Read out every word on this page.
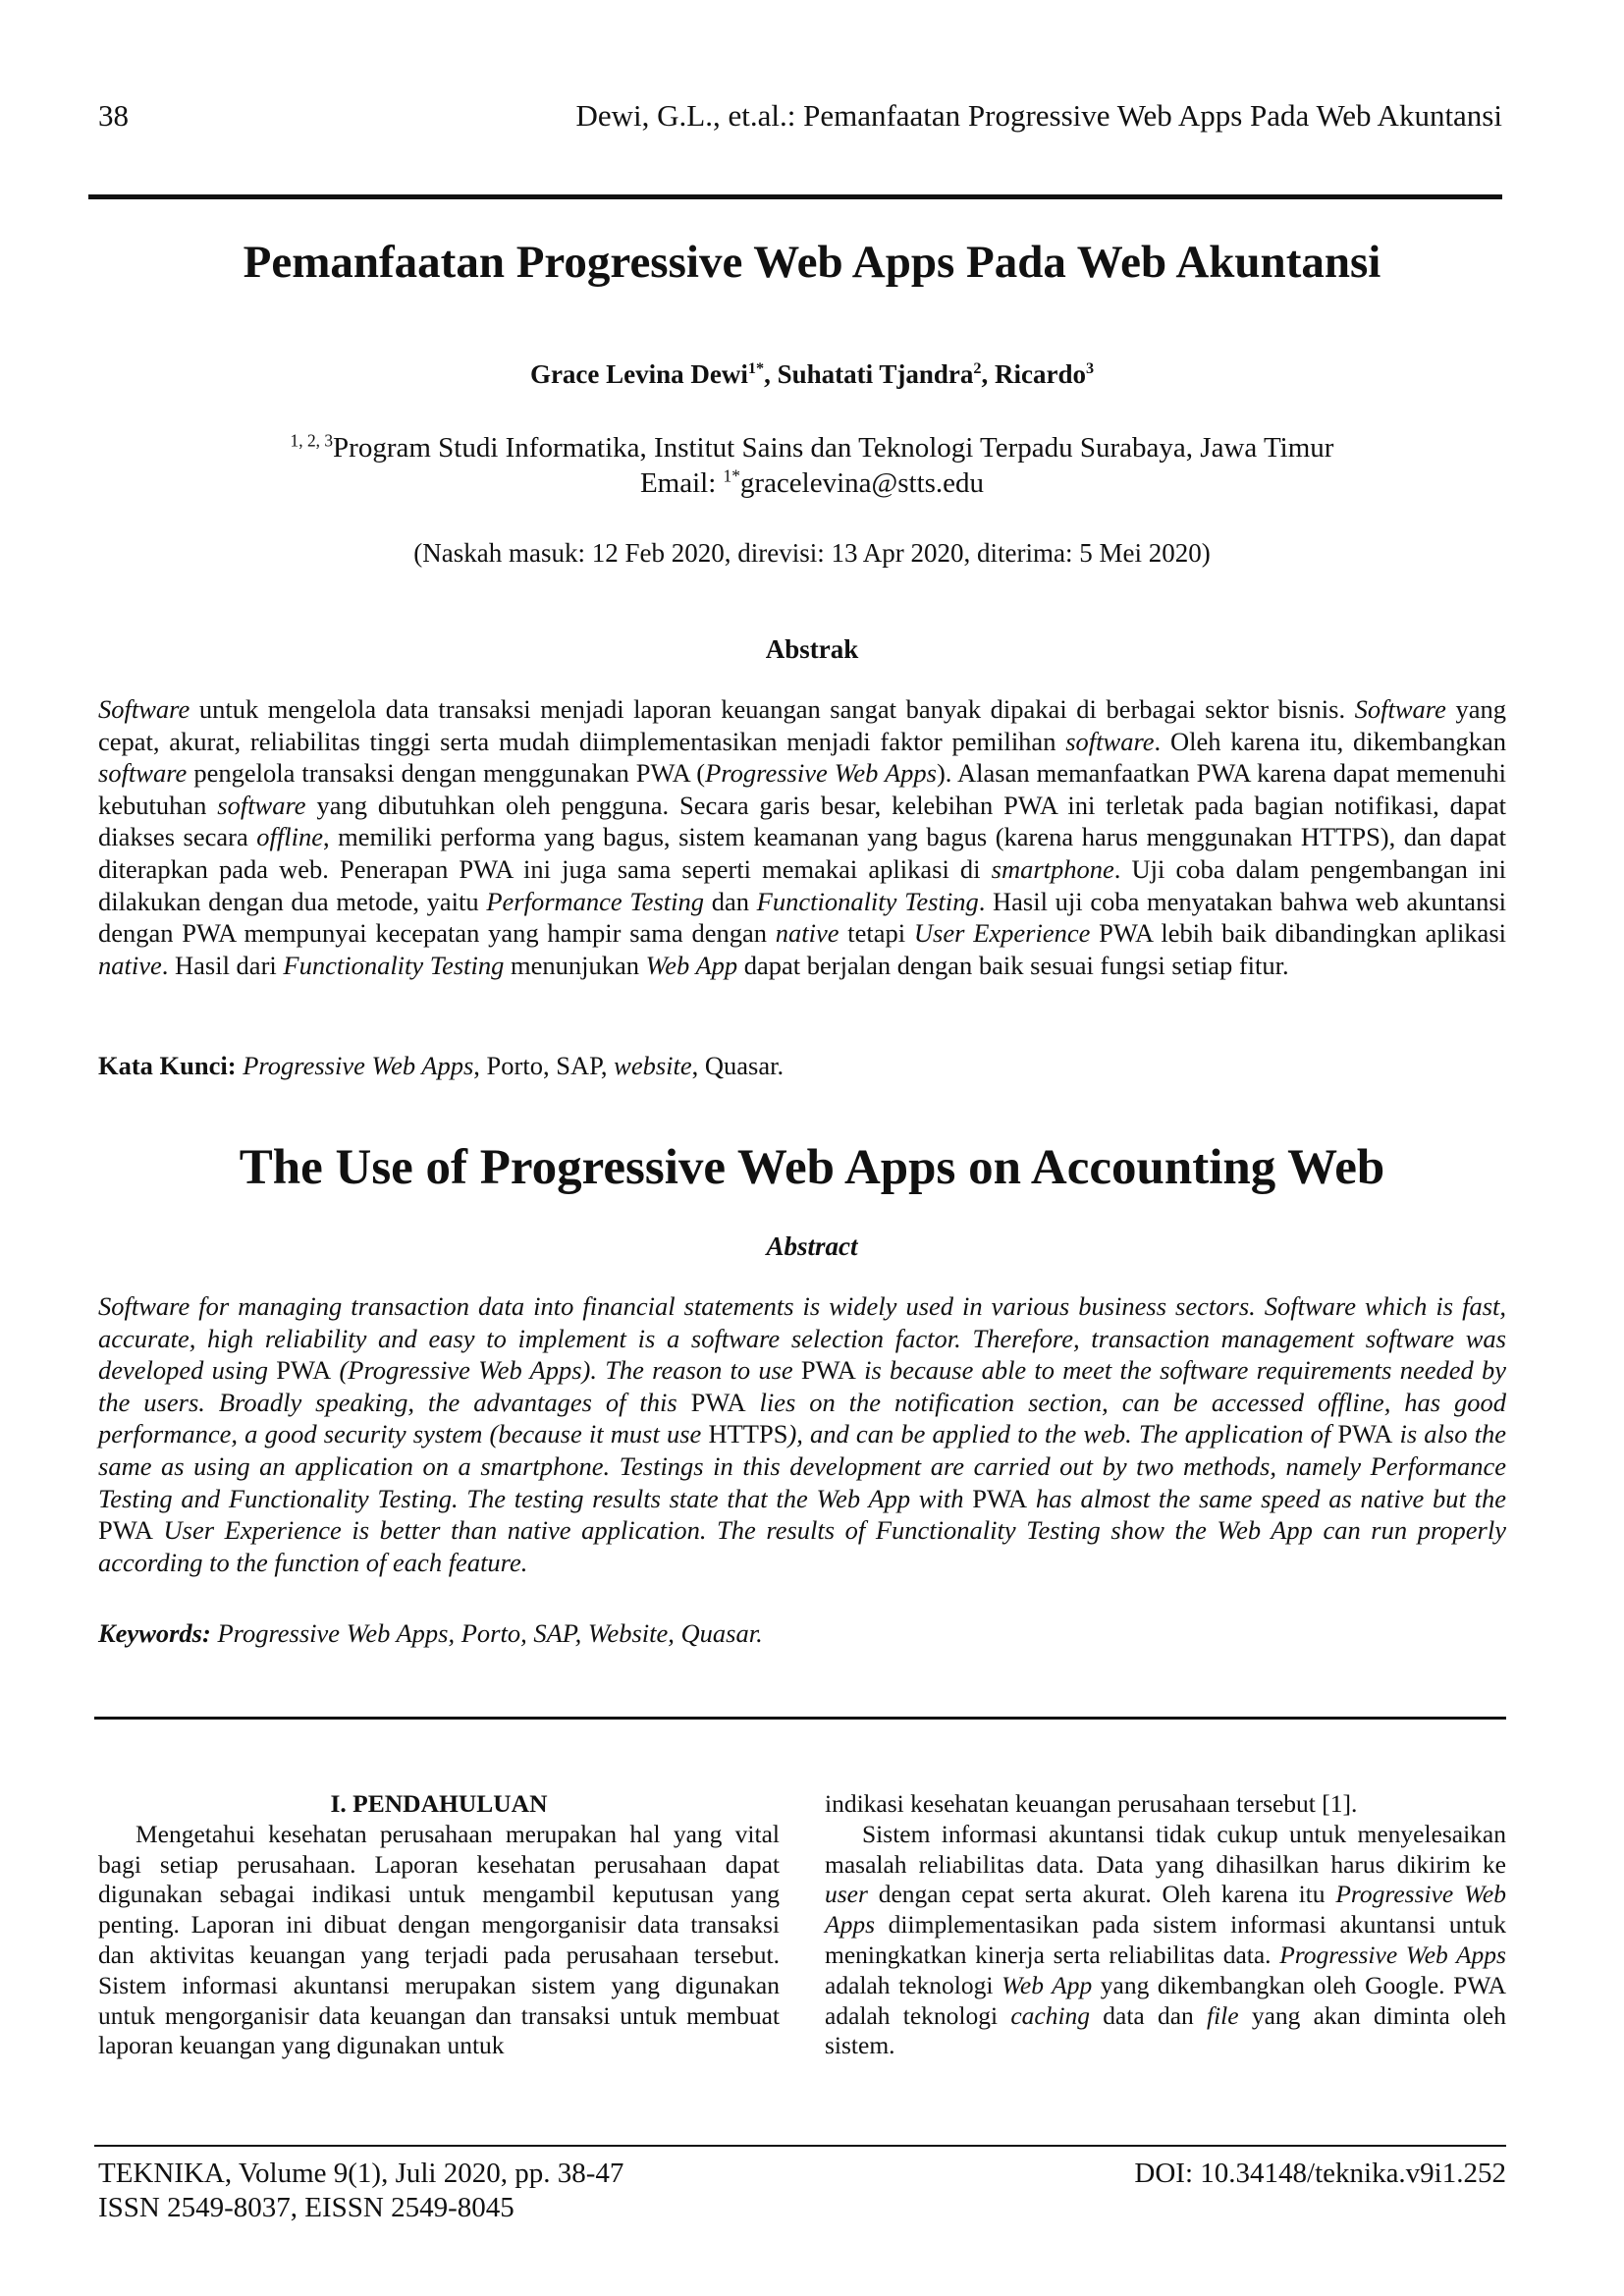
38	Dewi, G.L., et.al.: Pemanfaatan Progressive Web Apps Pada Web Akuntansi
Pemanfaatan Progressive Web Apps Pada Web Akuntansi
Grace Levina Dewi$^{1*}$, Suhatati Tjandra$^2$, Ricardo$^3$
$^{1, 2, 3}$Program Studi Informatika, Institut Sains dan Teknologi Terpadu Surabaya, Jawa Timur
Email: $^{1*}$gracelevina@stts.edu
(Naskah masuk: 12 Feb 2020, direvisi: 13 Apr 2020, diterima: 5 Mei 2020)
Abstrak
Software untuk mengelola data transaksi menjadi laporan keuangan sangat banyak dipakai di berbagai sektor bisnis. Software yang cepat, akurat, reliabilitas tinggi serta mudah diimplementasikan menjadi faktor pemilihan software. Oleh karena itu, dikembangkan software pengelola transaksi dengan menggunakan PWA (Progressive Web Apps). Alasan memanfaatkan PWA karena dapat memenuhi kebutuhan software yang dibutuhkan oleh pengguna. Secara garis besar, kelebihan PWA ini terletak pada bagian notifikasi, dapat diakses secara offline, memiliki performa yang bagus, sistem keamanan yang bagus (karena harus menggunakan HTTPS), dan dapat diterapkan pada web. Penerapan PWA ini juga sama seperti memakai aplikasi di smartphone. Uji coba dalam pengembangan ini dilakukan dengan dua metode, yaitu Performance Testing dan Functionality Testing. Hasil uji coba menyatakan bahwa web akuntansi dengan PWA mempunyai kecepatan yang hampir sama dengan native tetapi User Experience PWA lebih baik dibandingkan aplikasi native. Hasil dari Functionality Testing menunjukan Web App dapat berjalan dengan baik sesuai fungsi setiap fitur.
Kata Kunci: Progressive Web Apps, Porto, SAP, website, Quasar.
The Use of Progressive Web Apps on Accounting Web
Abstract
Software for managing transaction data into financial statements is widely used in various business sectors. Software which is fast, accurate, high reliability and easy to implement is a software selection factor. Therefore, transaction management software was developed using PWA (Progressive Web Apps). The reason to use PWA is because able to meet the software requirements needed by the users. Broadly speaking, the advantages of this PWA lies on the notification section, can be accessed offline, has good performance, a good security system (because it must use HTTPS), and can be applied to the web. The application of PWA is also the same as using an application on a smartphone. Testings in this development are carried out by two methods, namely Performance Testing and Functionality Testing. The testing results state that the Web App with PWA has almost the same speed as native but the PWA User Experience is better than native application. The results of Functionality Testing show the Web App can run properly according to the function of each feature.
Keywords: Progressive Web Apps, Porto, SAP, Website, Quasar.

I. PENDAHULUAN

Mengetahui kesehatan perusahaan merupakan hal yang vital bagi setiap perusahaan. Laporan kesehatan perusahaan dapat digunakan sebagai indikasi untuk mengambil keputusan yang penting. Laporan ini dibuat dengan mengorganisir data transaksi dan aktivitas keuangan yang terjadi pada perusahaan tersebut. Sistem informasi akuntansi merupakan sistem yang digunakan untuk mengorganisir data keuangan dan transaksi untuk membuat laporan keuangan yang digunakan untuk

indikasi kesehatan keuangan perusahaan tersebut [1].

Sistem informasi akuntansi tidak cukup untuk menyelesaikan masalah reliabilitas data. Data yang dihasilkan harus dikirim ke user dengan cepat serta akurat. Oleh karena itu Progressive Web Apps diimplementasikan pada sistem informasi akuntansi untuk meningkatkan kinerja serta reliabilitas data. Progressive Web Apps adalah teknologi Web App yang dikembangkan oleh Google. PWA adalah teknologi caching data dan file yang akan diminta oleh sistem.

TEKNIKA, Volume 9(1), Juli 2020, pp. 38-47
ISSN 2549-8037, EISSN 2549-8045
DOI: 10.34148/teknika.v9i1.252
